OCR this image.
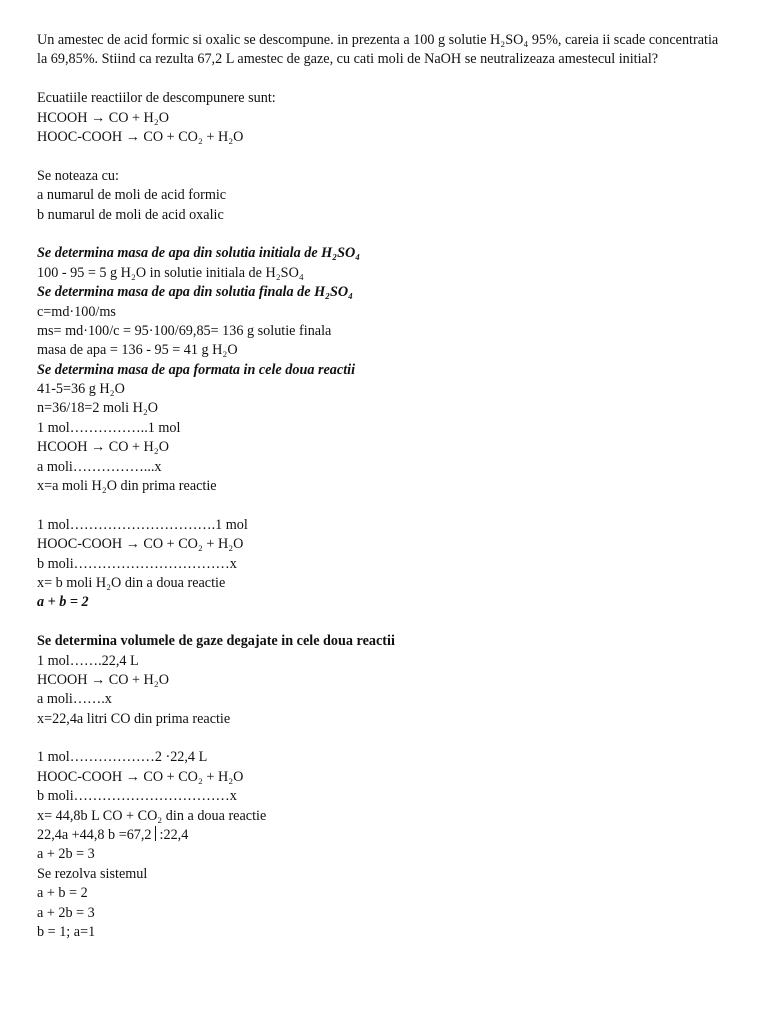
Un amestec de acid formic si oxalic se descompune. in prezenta a 100 g solutie H₂SO₄ 95%, careia ii scade concentratia la 69,85%. Stiind ca rezulta 67,2 L amestec de gaze, cu cati moli de NaOH se neutralizeaza amestecul initial?
Ecuatiile reactiilor de descompunere sunt:
HCOOH → CO + H₂O
HOOC-COOH → CO + CO₂ + H₂O
Se noteaza cu:
a numarul de moli de acid formic
b numarul de moli de acid oxalic
Se determina masa de apa din solutia initiala de H₂SO₄
100 - 95 = 5 g H₂O in solutie initiala de H₂SO₄
Se determina masa de apa din solutia finala de H₂SO₄
c=md·100/ms
ms= md·100/c = 95·100/69,85= 136 g solutie finala
masa de apa = 136 - 95 = 41 g H₂O
Se determina masa de apa formata in cele doua reactii
41-5=36 g H₂O
n=36/18=2 moli H₂O
1 mol……………..1 mol
HCOOH → CO + H₂O
a moli……………...x
x=a moli H₂O din prima reactie
1 mol………………………….1 mol
HOOC-COOH → CO + CO₂ + H₂O
b moli……………………………x
x= b moli H₂O din a doua reactie
a + b = 2
Se determina volumele de gaze degajate in cele doua reactii
1 mol…….22,4 L
HCOOH → CO + H₂O
a moli…….x
x=22,4a litri CO din prima reactie
1 mol………………2 ·22,4 L
HOOC-COOH → CO + CO₂ + H₂O
b moli……………………………x
x= 44,8b L CO + CO₂ din a doua reactie
22,4a +44,8 b =67,2 :22,4
a + 2b = 3
Se rezolva sistemul
a + b = 2
a + 2b = 3
b = 1; a=1
